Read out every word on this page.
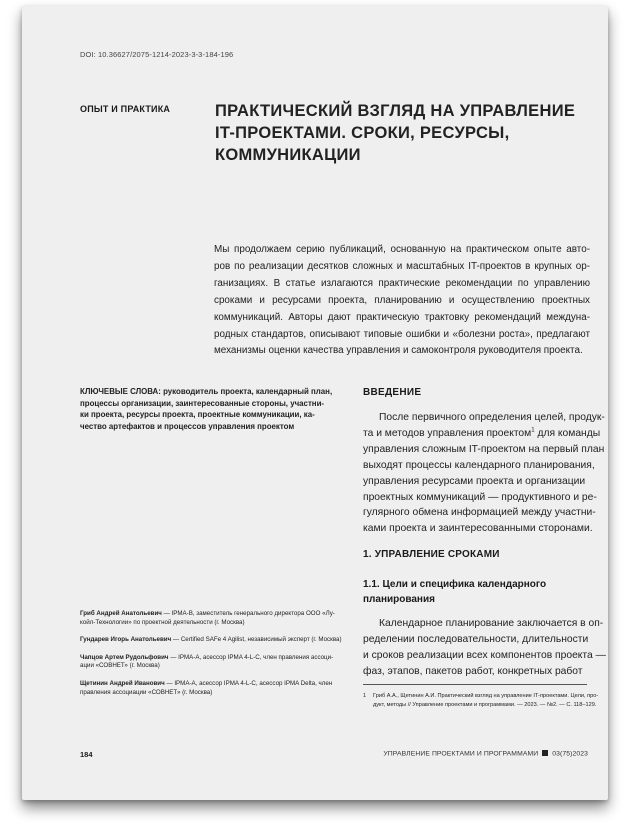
DOI: 10.36627/2075-1214-2023-3-3-184-196
ОПЫТ И ПРАКТИКА	ПРАКТИЧЕСКИЙ ВЗГЛЯД НА УПРАВЛЕНИЕ
IT-ПРОЕКТАМИ. СРОКИ, РЕСУРСЫ,
КОММУНИКАЦИИ
Мы продолжаем серию публикаций, основанную на практическом опыте авто-
ров по реализации десятков сложных и масштабных IT-проектов в крупных ор-
ганизациях. В статье излагаются практические рекомендации по управлению
сроками и ресурсами проекта, планированию и осуществлению проектных
коммуникаций. Авторы дают практическую трактовку рекомендаций междуна-
родных стандартов, описывают типовые ошибки и «болезни роста», предлагают
механизмы оценки качества управления и самоконтроля руководителя проекта.
КЛЮЧЕВЫЕ СЛОВА: руководитель проекта, календарный план,
процессы организации, заинтересованные стороны, участни-
ки проекта, ресурсы проекта, проектные коммуникации, ка-
чество артефактов и процессов управления проектом
Гриб Андрей Анатольевич — IPMA-B, заместитель генерального директора ООО «Лу-
койл-Технологии» по проектной деятельности (г. Москва)
Гундарев Игорь Анатольевич — Certified SAFe 4 Agilist, независимый эксперт (г. Москва)
Чапцов Артем Рудольфович — IPMA-A, асессор IPMA 4-L-C, член правления ассоци-
ации «СОВНЕТ» (г. Москва)
Щетинин Андрей Иванович — IPMA-A, асессор IPMA 4-L-C, асессор IPMA Delta, член
правления ассоциации «СОВНЕТ» (г. Москва)
ВВЕДЕНИЕ
После первичного определения целей, продук-
та и методов управления проектом$^1$ для команды
управления сложным IT-проектом на первый план
выходят процессы календарного планирования,
управления ресурсами проекта и организации
проектных коммуникаций — продуктивного и ре-
гулярного обмена информацией между участни-
ками проекта и заинтересованными сторонами.
1. УПРАВЛЕНИЕ СРОКАМИ
1.1. Цели и специфика календарного
планирования
Календарное планирование заключается в оп-
ределении последовательности, длительности
и сроков реализации всех компонентов проекта —
фаз, этапов, пакетов работ, конкретных работ
1 Гриб А.А., Щетинин А.И. Практический взгляд на управление IT-проектами. Цели, про-
дукт, методы // Управление проектами и программами. — 2023. — №2. — С. 118–129.
184	УПРАВЛЕНИЕ ПРОЕКТАМИ И ПРОГРАММАМИ 03(75)2023
